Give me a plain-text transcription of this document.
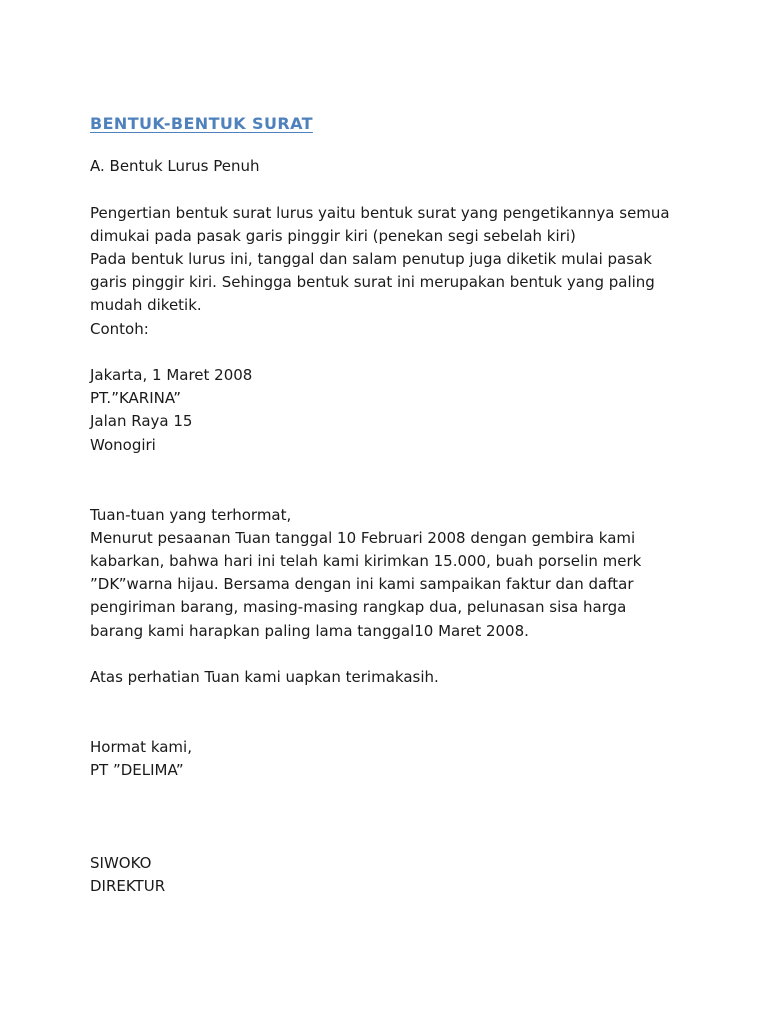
BENTUK-BENTUK SURAT
A. Bentuk Lurus Penuh
Pengertian bentuk surat lurus yaitu bentuk surat yang pengetikannya semua
dimukai pada pasak garis pinggir kiri (penekan segi sebelah kiri)
Pada bentuk lurus ini, tanggal dan salam penutup juga diketik mulai pasak
garis pinggir kiri. Sehingga bentuk surat ini merupakan bentuk yang paling
mudah diketik.
Contoh:
Jakarta, 1 Maret 2008
PT.”KARINA”
Jalan Raya 15
Wonogiri
Tuan-tuan yang terhormat,
Menurut pesaanan Tuan tanggal 10 Februari 2008 dengan gembira kami
kabarkan, bahwa hari ini telah kami kirimkan 15.000, buah porselin merk
”DK”warna hijau. Bersama dengan ini kami sampaikan faktur dan daftar
pengiriman barang, masing-masing rangkap dua, pelunasan sisa harga
barang kami harapkan paling lama tanggal10 Maret 2008.
Atas perhatian Tuan kami uapkan terimakasih.
Hormat kami,
PT ”DELIMA”
SIWOKO
DIREKTUR
